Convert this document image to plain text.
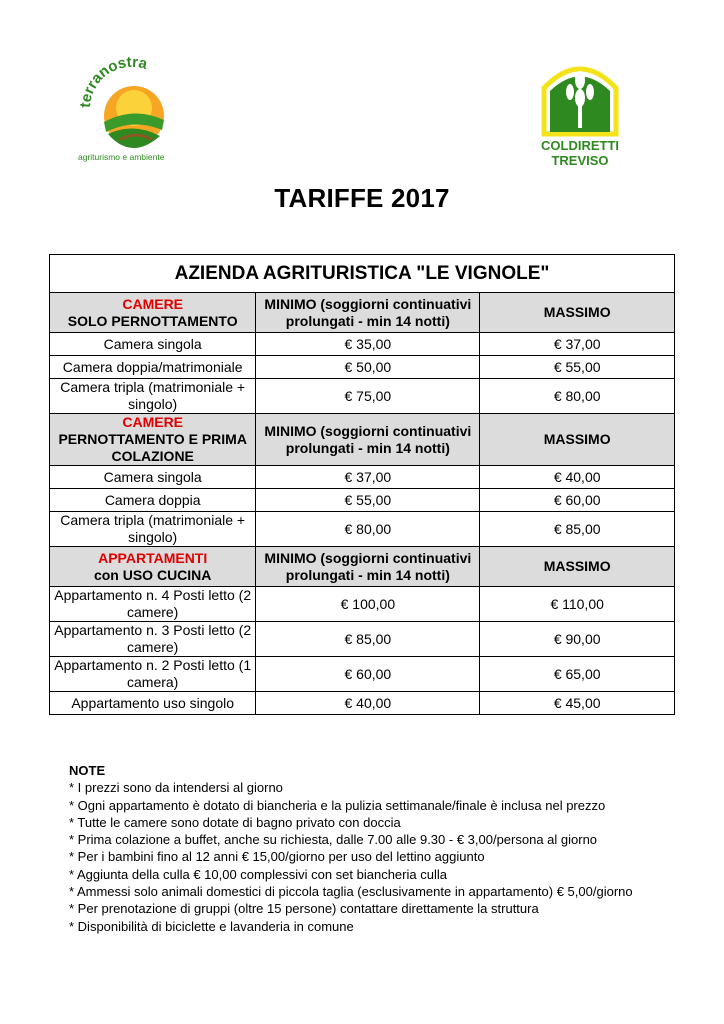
terranostra
agriturismo e ambiente
COLDIRETTI
TREVISO
TARIFFE 2017
AZIENDA AGRITURISTICA "LE VIGNOLE"		

CAMERE
SOLO PERNOTTAMENTO	MINIMO (soggiorni continuativi prolungati - min 14 notti)	MASSIMO
Camera singola	€ 35,00	€ 37,00
Camera doppia/matrimoniale	€ 50,00	€ 55,00
Camera tripla (matrimoniale + singolo)	€ 75,00	€ 80,00

CAMERE
PERNOTTAMENTO E PRIMA COLAZIONE	MINIMO (soggiorni continuativi prolungati - min 14 notti)	MASSIMO
Camera singola	€ 37,00	€ 40,00
Camera doppia	€ 55,00	€ 60,00
Camera tripla (matrimoniale + singolo)	€ 80,00	€ 85,00

APPARTAMENTI
con USO CUCINA	MINIMO (soggiorni continuativi prolungati - min 14 notti)	MASSIMO
Appartamento n. 4 Posti letto (2 camere)	€ 100,00	€ 110,00
Appartamento n. 3 Posti letto (2 camere)	€ 85,00	€ 90,00
Appartamento n. 2 Posti letto (1 camera)	€ 60,00	€ 65,00
Appartamento uso singolo	€ 40,00	€ 45,00
NOTE
* I prezzi sono da intendersi al giorno
* Ogni appartamento è dotato di biancheria e la pulizia settimanale/finale è inclusa nel prezzo
* Tutte le camere sono dotate di bagno privato con doccia
* Prima colazione a buffet, anche su richiesta, dalle 7.00 alle 9.30 - € 3,00/persona al giorno
* Per i bambini fino al 12 anni € 15,00/giorno per uso del lettino aggiunto
* Aggiunta della culla € 10,00 complessivi con set biancheria culla
* Ammessi solo animali domestici di piccola taglia (esclusivamente in appartamento) € 5,00/giorno
* Per prenotazione di gruppi (oltre 15 persone) contattare direttamente la struttura
* Disponibilità di biciclette e lavanderia in comune
